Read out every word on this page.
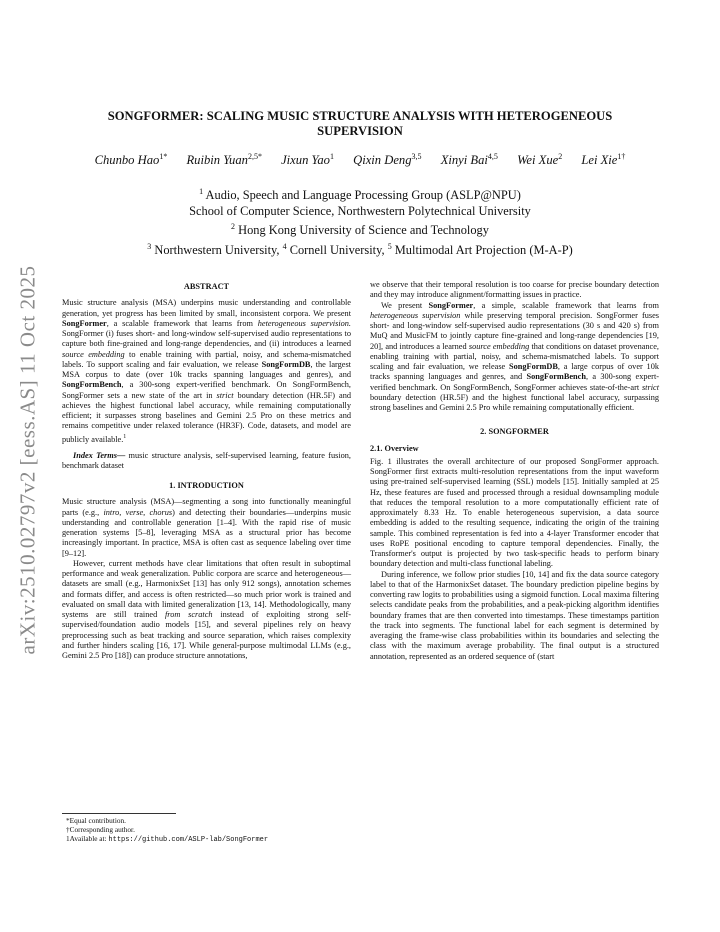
arXiv:2510.02797v2 [eess.AS] 11 Oct 2025
SONGFORMER: SCALING MUSIC STRUCTURE ANALYSIS WITH HETEROGENEOUS
SUPERVISION
Chunbo Hao$^{1*}$ Ruibin Yuan$^{2,5*}$ Jixun Yao$^1$ Qixin Deng$^{3,5}$ Xinyi Bai$^{4,5}$ Wei Xue$^2$ Lei Xie$^{1\dagger}$
$^1$ Audio, Speech and Language Processing Group (ASLP@NPU)
School of Computer Science, Northwestern Polytechnical University
$^2$ Hong Kong University of Science and Technology
$^3$ Northwestern University, $^4$ Cornell University, $^5$ Multimodal Art Projection (M-A-P)
ABSTRACT

Music structure analysis (MSA) underpins music understanding and controllable generation, yet progress has been limited by small, inconsistent corpora. We present SongFormer, a scalable framework that learns from heterogeneous supervision. SongFormer (i) fuses short- and long-window self-supervised audio representations to capture both fine-grained and long-range dependencies, and (ii) introduces a learned source embedding to enable training with partial, noisy, and schema-mismatched labels. To support scaling and fair evaluation, we release SongFormDB, the largest MSA corpus to date (over 10k tracks spanning languages and genres), and SongFormBench, a 300-song expert-verified benchmark. On SongFormBench, SongFormer sets a new state of the art in strict boundary detection (HR.5F) and achieves the highest functional label accuracy, while remaining computationally efficient; it surpasses strong baselines and Gemini 2.5 Pro on these metrics and remains competitive under relaxed tolerance (HR3F). Code, datasets, and model are publicly available.$^1$

Index Terms— music structure analysis, self-supervised learning, feature fusion, benchmark dataset

1. INTRODUCTION

Music structure analysis (MSA)—segmenting a song into functionally meaningful parts (e.g., intro, verse, chorus) and detecting their boundaries—underpins music understanding and controllable generation [1–4]. With the rapid rise of music generation systems [5–8], leveraging MSA as a structural prior has become increasingly important. In practice, MSA is often cast as sequence labeling over time [9–12].

However, current methods have clear limitations that often result in suboptimal performance and weak generalization. Public corpora are scarce and heterogeneous—datasets are small (e.g., HarmonixSet [13] has only 912 songs), annotation schemes and formats differ, and access is often restricted—so much prior work is trained and evaluated on small data with limited generalization [13, 14]. Methodologically, many systems are still trained from scratch instead of exploiting strong self-supervised/foundation audio models [15], and several pipelines rely on heavy preprocessing such as beat tracking and source separation, which raises complexity and further hinders scaling [16, 17]. While general-purpose multimodal LLMs (e.g., Gemini 2.5 Pro [18]) can produce structure annotations,

*Equal contribution.
†Corresponding author.
1Available at: https://github.com/ASLP-lab/SongFormer

we observe that their temporal resolution is too coarse for precise boundary detection and they may introduce alignment/formatting issues in practice.

We present SongFormer, a simple, scalable framework that learns from heterogeneous supervision while preserving temporal precision. SongFormer fuses short- and long-window self-supervised audio representations (30 s and 420 s) from MuQ and MusicFM to jointly capture fine-grained and long-range dependencies [19, 20], and introduces a learned source embedding that conditions on dataset provenance, enabling training with partial, noisy, and schema-mismatched labels. To support scaling and fair evaluation, we release SongFormDB, a large corpus of over 10k tracks spanning languages and genres, and SongFormBench, a 300-song expert-verified benchmark. On SongFormBench, SongFormer achieves state-of-the-art strict boundary detection (HR.5F) and the highest functional label accuracy, surpassing strong baselines and Gemini 2.5 Pro while remaining computationally efficient.

2. SONGFORMER
2.1. Overview

Fig. 1 illustrates the overall architecture of our proposed SongFormer approach. SongFormer first extracts multi-resolution representations from the input waveform using pre-trained self-supervised learning (SSL) models [15]. Initially sampled at 25 Hz, these features are fused and processed through a residual downsampling module that reduces the temporal resolution to a more computationally efficient rate of approximately 8.33 Hz. To enable heterogeneous supervision, a data source embedding is added to the resulting sequence, indicating the origin of the training sample. This combined representation is fed into a 4-layer Transformer encoder that uses RoPE positional encoding to capture temporal dependencies. Finally, the Transformer's output is projected by two task-specific heads to perform binary boundary detection and multi-class functional labeling.

During inference, we follow prior studies [10, 14] and fix the data source category label to that of the HarmonixSet dataset. The boundary prediction pipeline begins by converting raw logits to probabilities using a sigmoid function. Local maxima filtering selects candidate peaks from the probabilities, and a peak-picking algorithm identifies boundary frames that are then converted into timestamps. These timestamps partition the track into segments. The functional label for each segment is determined by averaging the frame-wise class probabilities within its boundaries and selecting the class with the maximum average probability. The final output is a structured annotation, represented as an ordered sequence of (start
